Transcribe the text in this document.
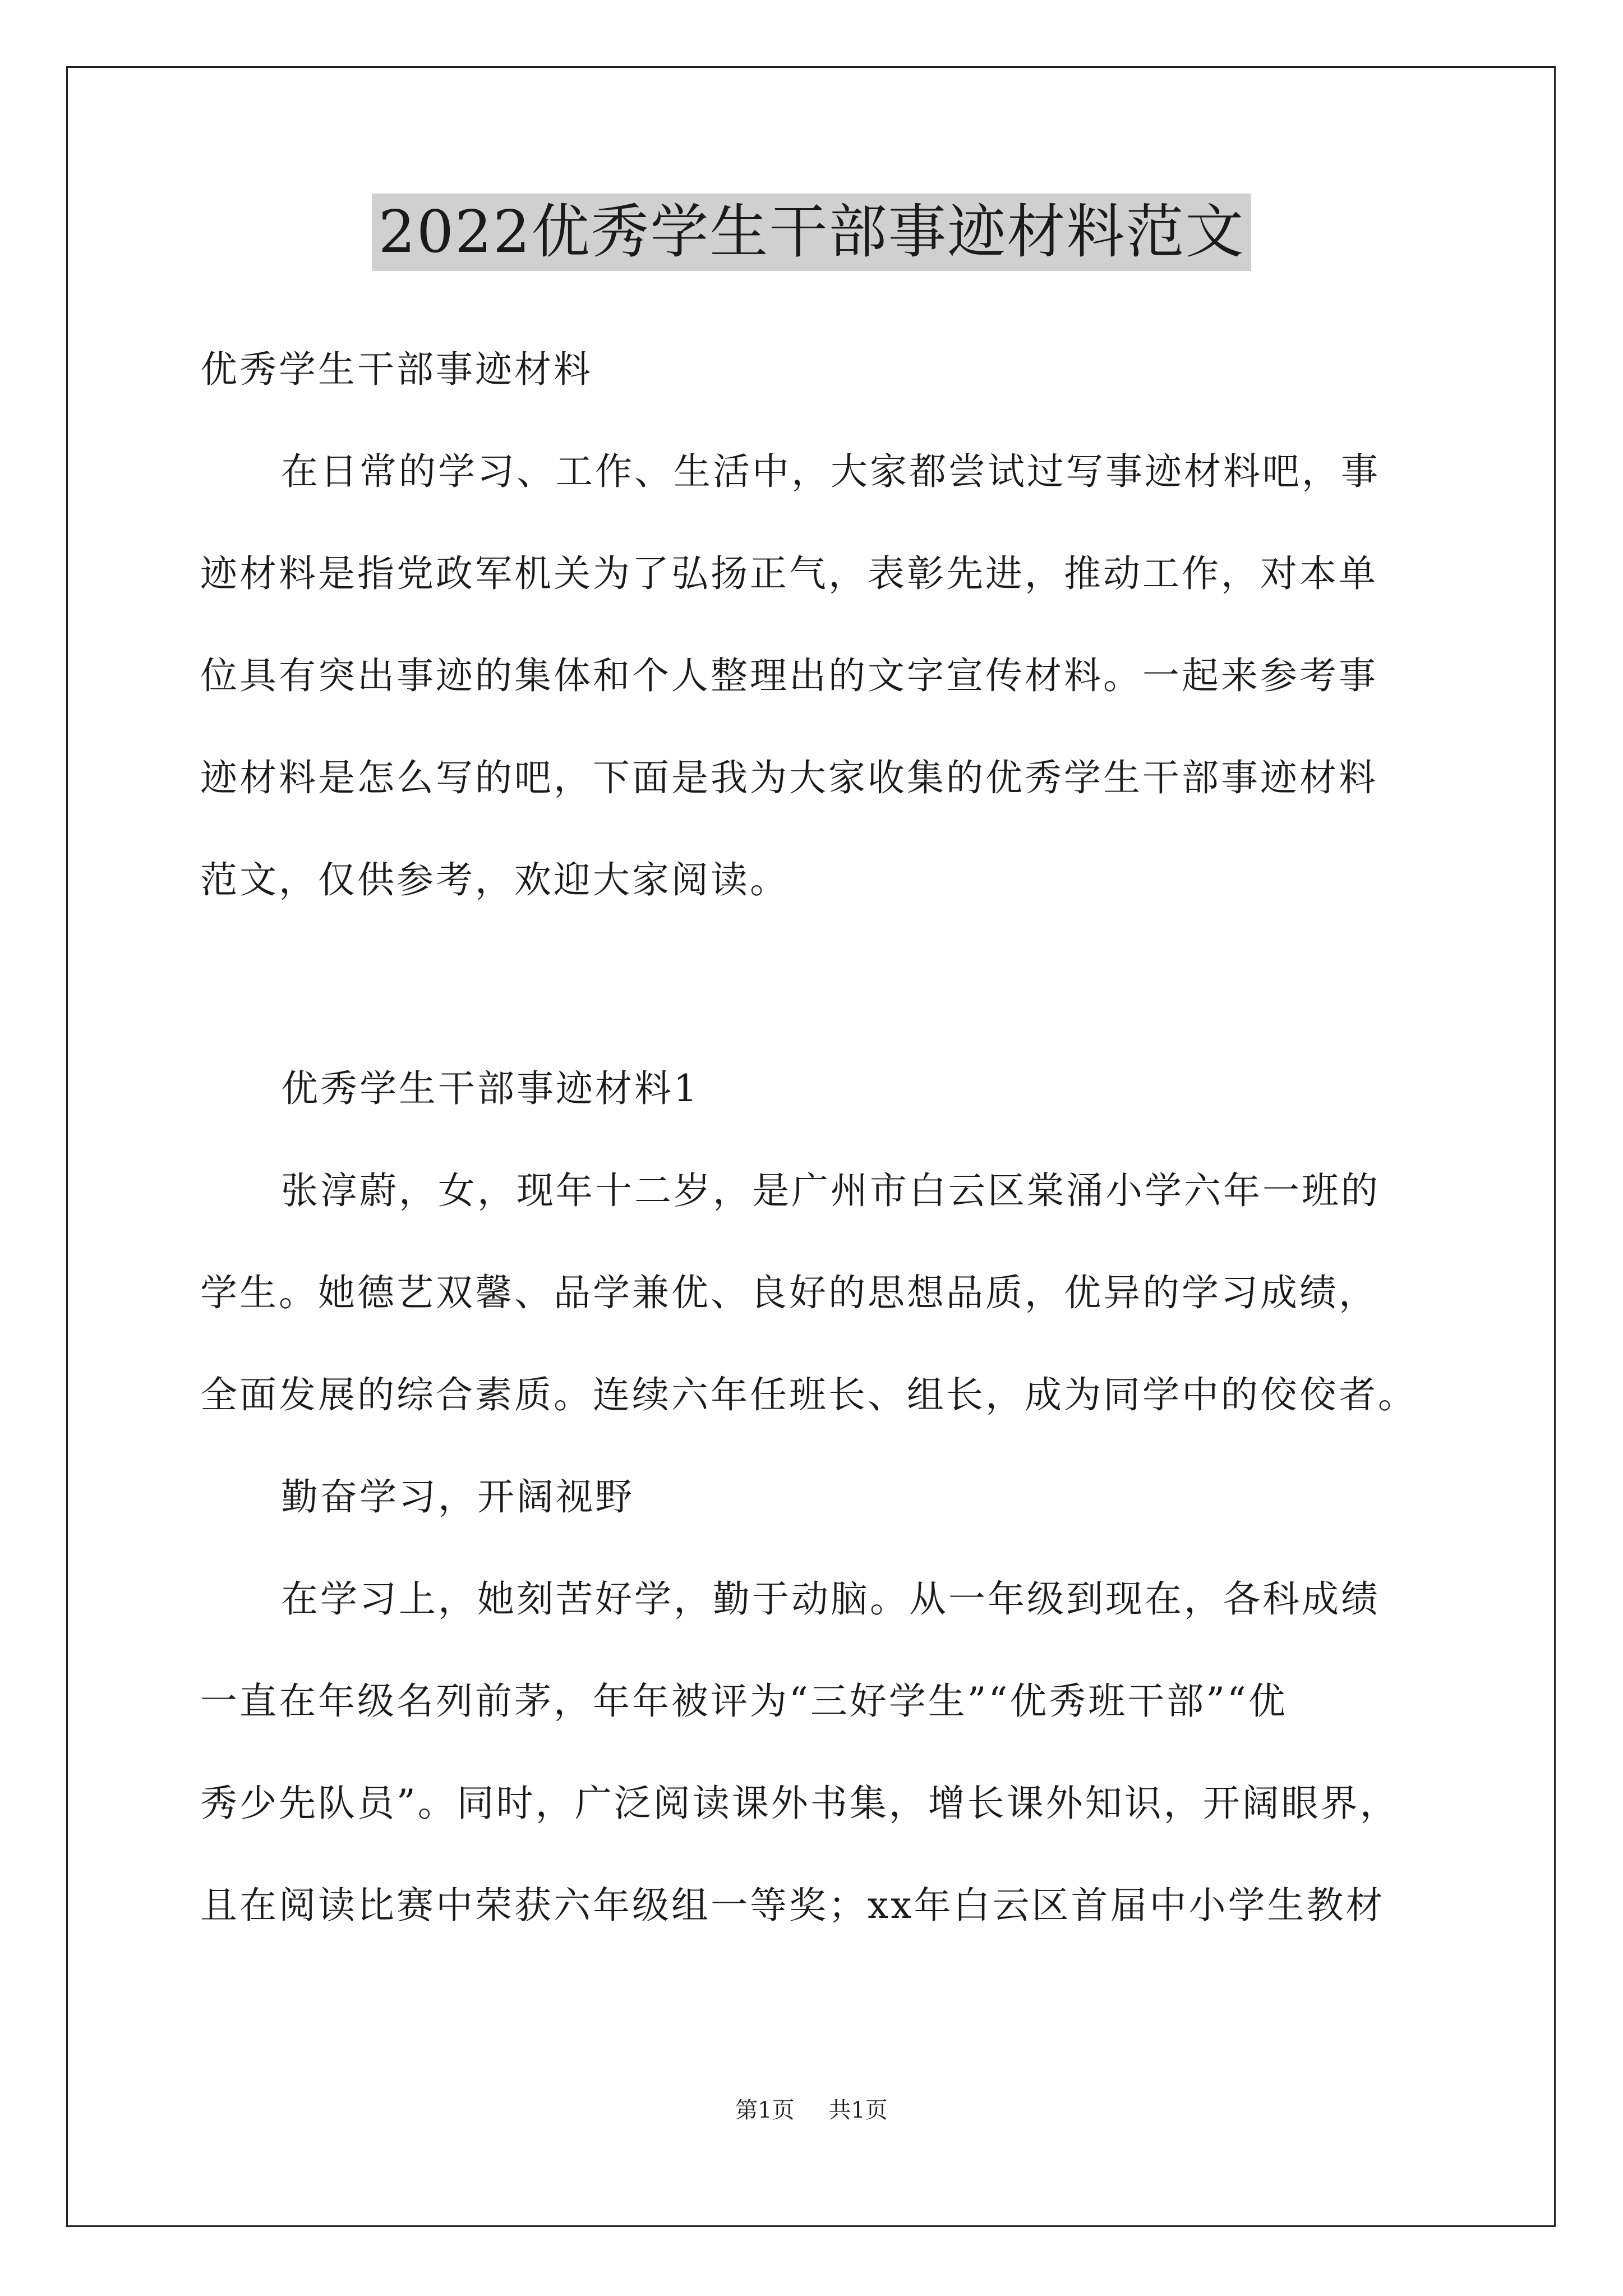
2022优秀学生干部事迹材料范文
优秀学生干部事迹材料
在日常的学习、工作、生活中，大家都尝试过写事迹材料吧，事
迹材料是指党政军机关为了弘扬正气，表彰先进，推动工作，对本单
位具有突出事迹的集体和个人整理出的文字宣传材料。一起来参考事
迹材料是怎么写的吧，下面是我为大家收集的优秀学生干部事迹材料
范文，仅供参考，欢迎大家阅读。
优秀学生干部事迹材料1
张淳蔚，女，现年十二岁，是广州市白云区棠涌小学六年一班的
学生。她德艺双馨、品学兼优、良好的思想品质，优异的学习成绩，
全面发展的综合素质。连续六年任班长、组长，成为同学中的佼佼者。
勤奋学习，开阔视野
在学习上，她刻苦好学，勤于动脑。从一年级到现在，各科成绩
一直在年级名列前茅，年年被评为“三好学生”“优秀班干部”“优
秀少先队员”。同时，广泛阅读课外书集，增长课外知识，开阔眼界，
且在阅读比赛中荣获六年级组一等奖；xx年白云区首届中小学生教材
第1页 共1页
